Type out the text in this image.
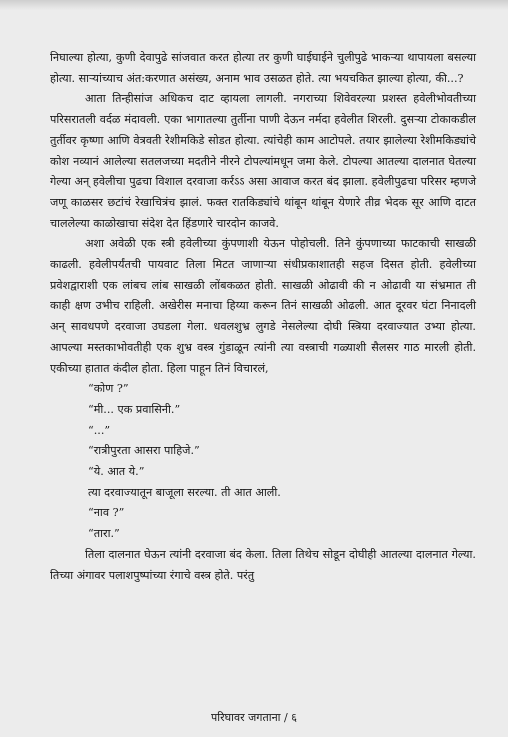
निघाल्या होत्या, कुणी देवापुढे सांजवात करत होत्या तर कुणी घाईघाईने चुलीपुढे भाकऱ्या थापायला बसल्या होत्या. साऱ्यांच्याच अंत:करणात असंख्य, अनाम भाव उसळत होते. त्या भयचकित झाल्या होत्या, की...?

आता तिन्हीसांज अधिकच दाट व्हायला लागली. नगराच्या शिवेवरल्या प्रशस्त हवेलीभोवतीच्या परिसरातली वर्दळ मंदावली. एका भागातल्या तुर्तीना पाणी देऊन नर्मदा हवेलीत शिरली. दुसऱ्या टोकाकडील तुर्तीवर कृष्णा आणि वेत्रवती रेशीमकिडे सोडत होत्या. त्यांचेही काम आटोपले. तयार झालेल्या रेशीमकिड्यांचे कोश नव्यानं आलेल्या सतलजच्या मदतीने नीरने टोपल्यांमधून जमा केले. टोपल्या आतल्या दालनात घेतल्या गेल्या अन् हवेलीचा पुढचा विशाल दरवाजा कर्रऽऽ असा आवाज करत बंद झाला. हवेलीपुढचा परिसर म्हणजे जणू काळसर छटांचं रेखाचित्रंच झालं. फक्त रातकिड्यांचे थांबून थांबून येणारे तीव्र भेदक सूर आणि दाटत चाललेल्या काळोखाचा संदेश देत हिंडणारे चारदोन काजवे.

अशा अवेळी एक स्त्री हवेलीच्या कुंपणाशी येऊन पोहोचली. तिने कुंपणाच्या फाटकाची साखळी काढली. हवेलीपर्यंतची पायवाट तिला मिटत जाणाऱ्या संधीप्रकाशातही सहज दिसत होती. हवेलीच्या प्रवेशद्वाराशी एक लांबच लांब साखळी लोंबकळत होती. साखळी ओढावी की न ओढावी या संभ्रमात ती काही क्षण उभीच राहिली. अखेरीस मनाचा हिय्या करून तिनं साखळी ओढली. आत दूरवर घंटा निनादली अन् सावधपणे दरवाजा उघडला गेला. धवलशुभ्र लुगडे नेसलेल्या दोघी स्त्रिया दरवाज्यात उभ्या होत्या. आपल्या मस्तकाभोवतीही एक शुभ्र वस्त्र गुंडाळून त्यांनी त्या वस्त्राची गळ्याशी सैलसर गाठ मारली होती. एकीच्या हातात कंदील होता. हिला पाहून तिनं विचारलं,

“कोण ?”

“मी... एक प्रवासिनी.”

“...”

“रात्रीपुरता आसरा पाहिजे.”

“ये. आत ये.”

त्या दरवाज्यातून बाजूला सरल्या. ती आत आली.

“नाव ?”

“तारा.”

तिला दालनात घेऊन त्यांनी दरवाजा बंद केला. तिला तिथेच सोडून दोघीही आतल्या दालनात गेल्या. तिच्या अंगावर पलाशपुष्पांच्या रंगाचे वस्त्र होते. परंतु

परिघावर जगताना / ६
